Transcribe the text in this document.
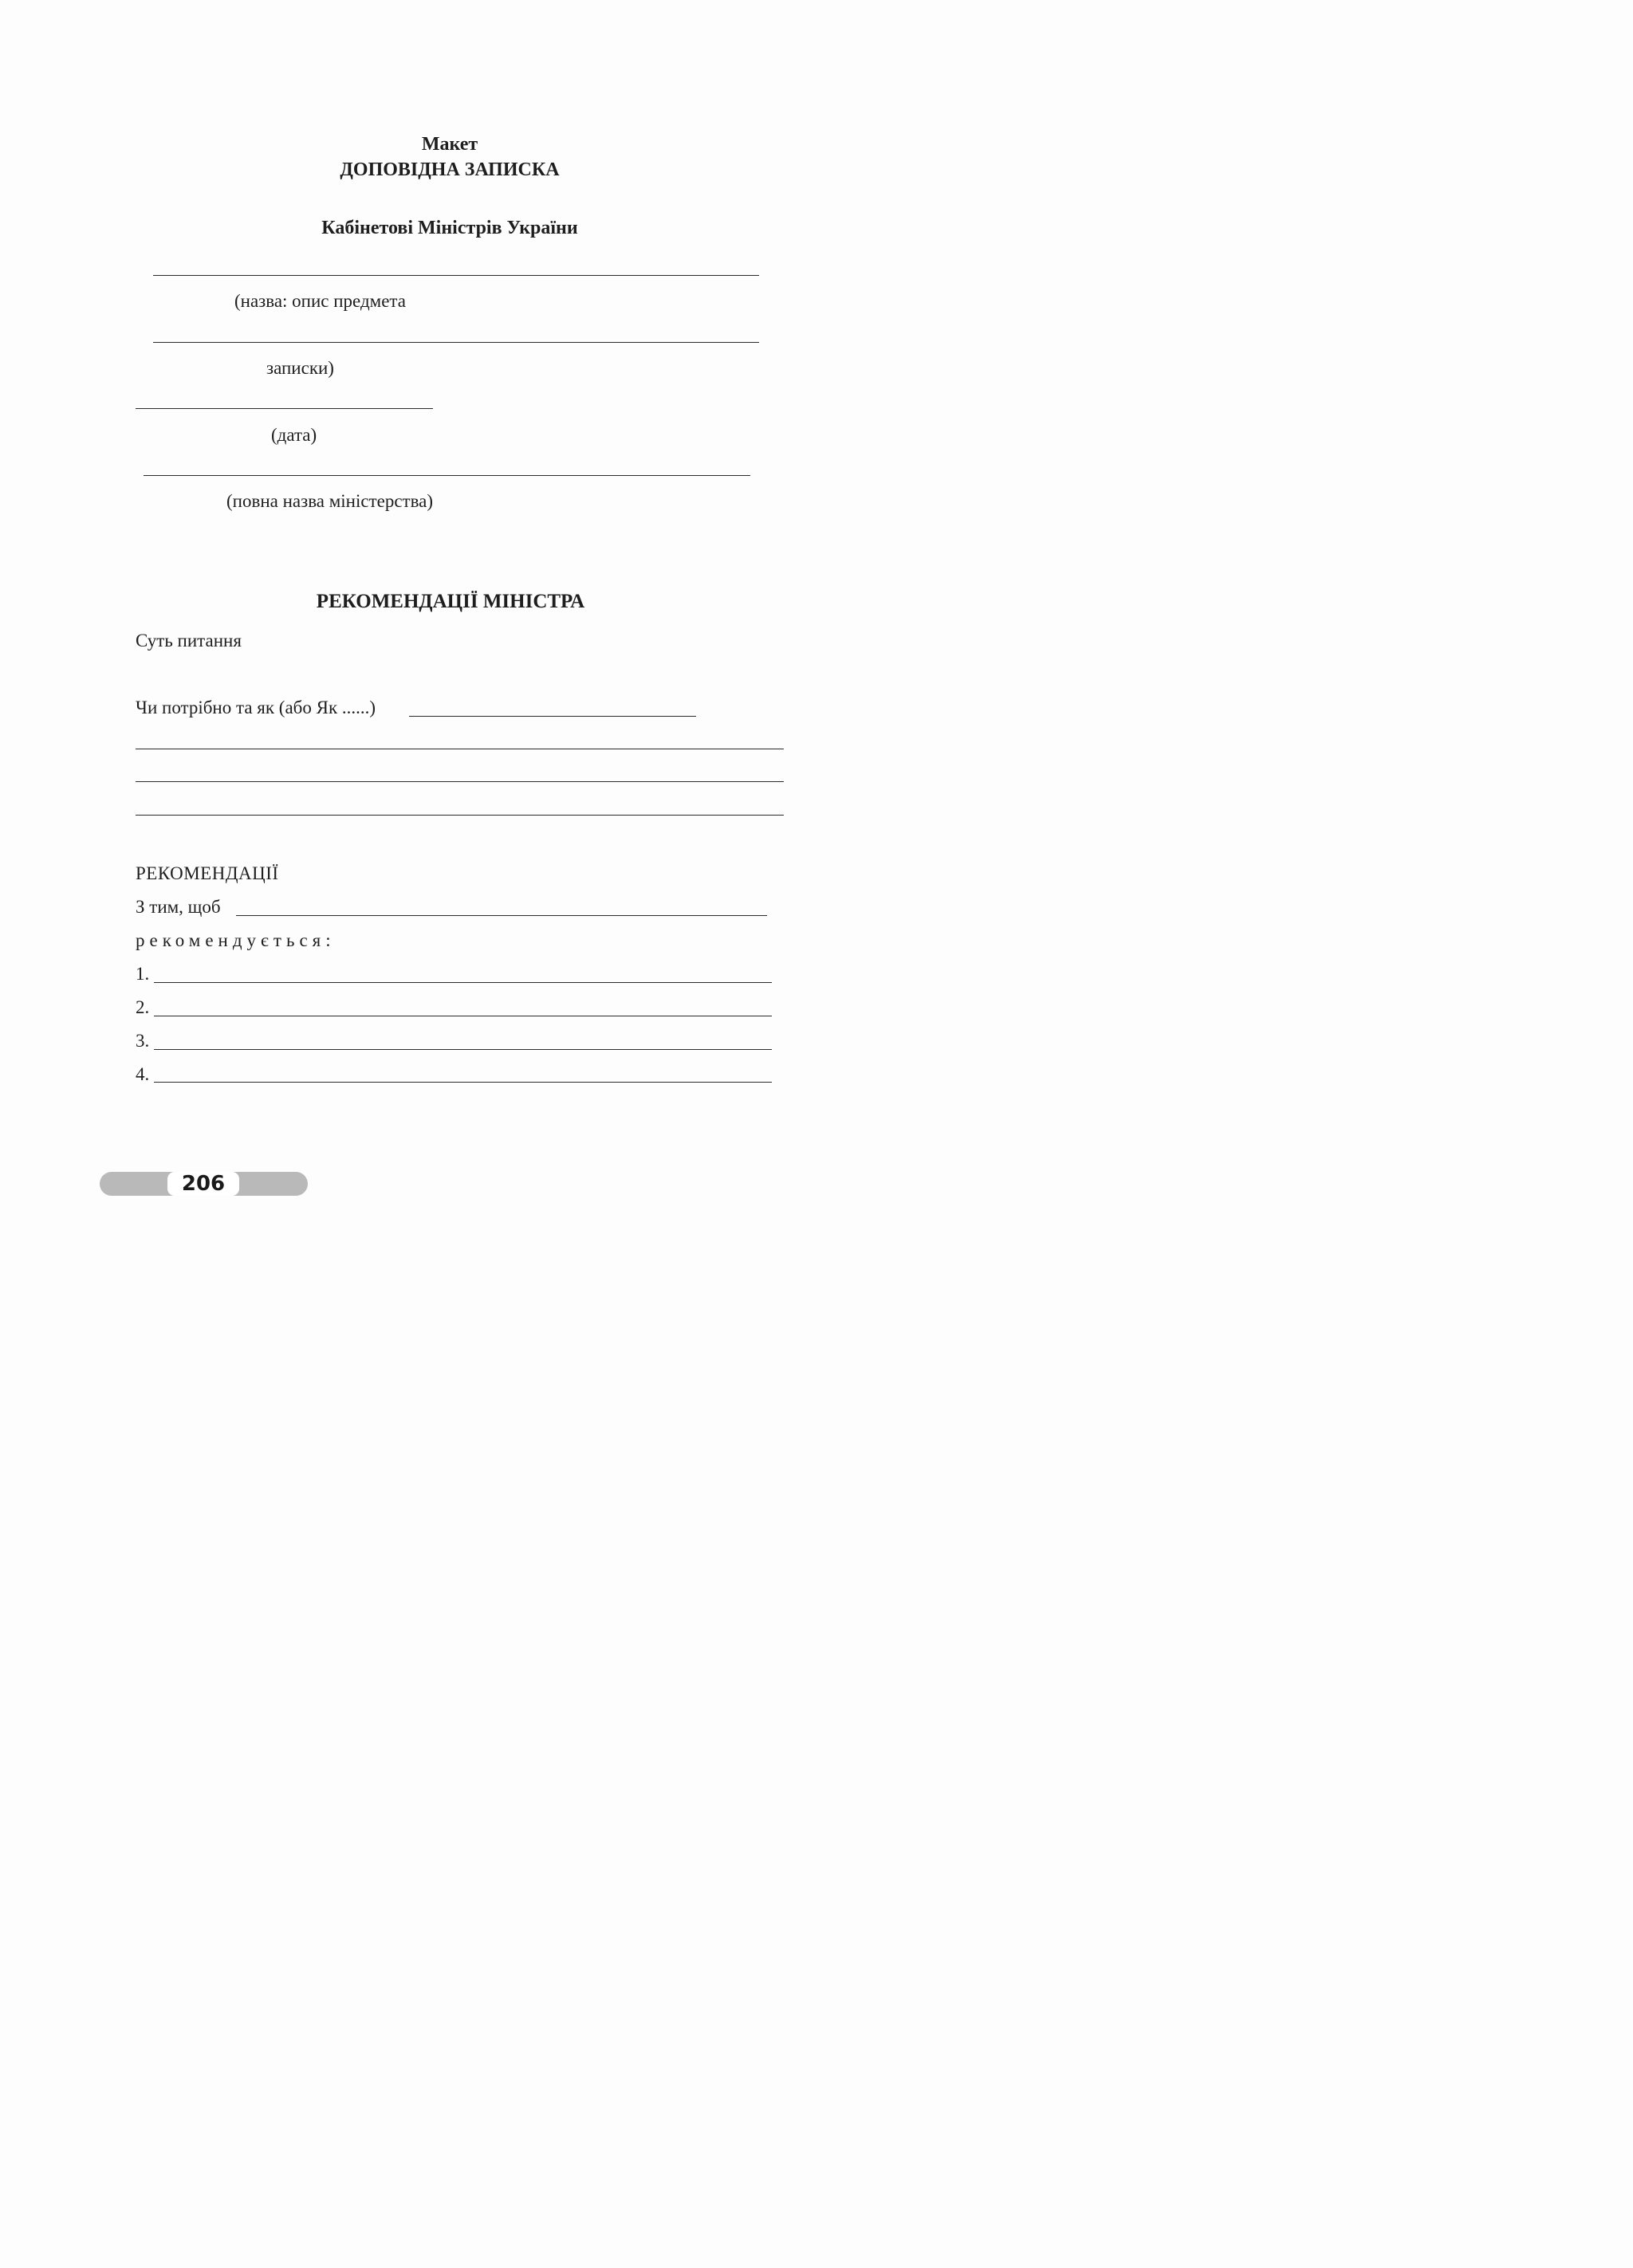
Макет
ДОПОВІДНА ЗАПИСКА
Кабінетові Міністрів України
(назва: опис предмета
записки)
(дата)
(повна назва міністерства)
РЕКОМЕНДАЦІЇ МІНІСТРА
Суть питання
Чи потрібно та як (або Як ......)
РЕКОМЕНДАЦІЇ
З тим, щоб
рекомендується:
1.
2.
3.
4.
206
